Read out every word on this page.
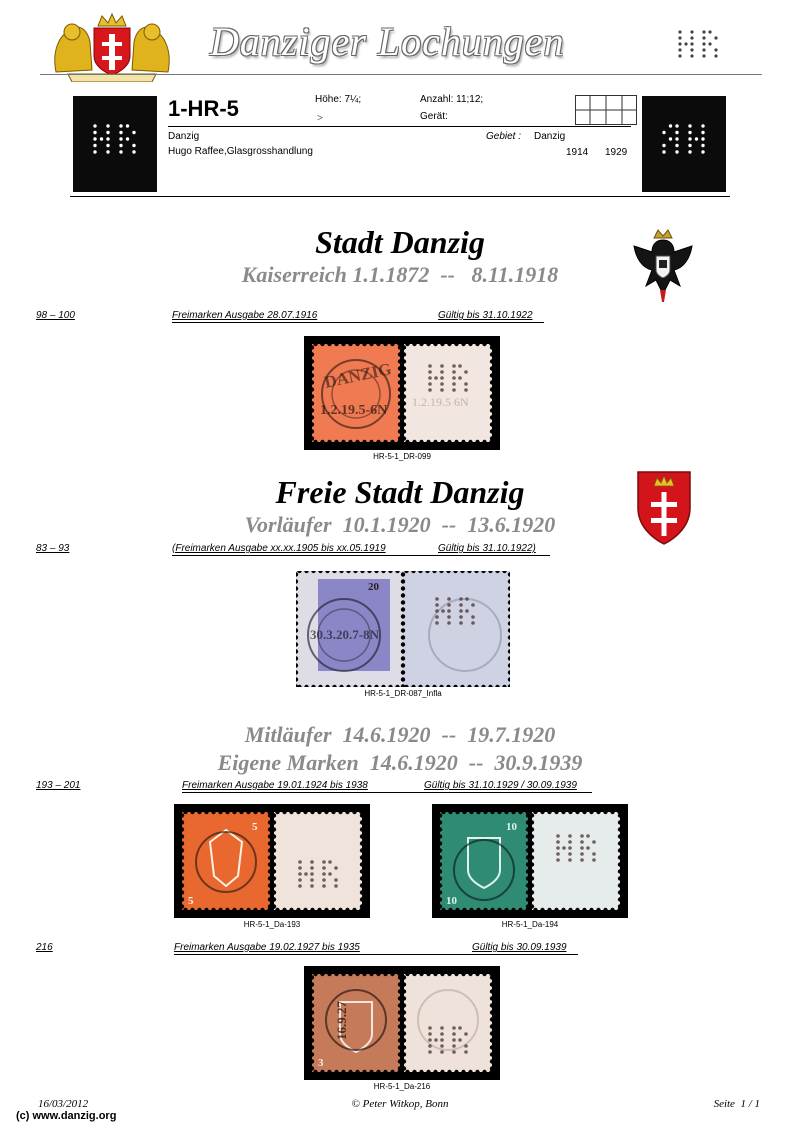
Danziger Lochungen
1-HR-5	Höhe: 7¼;	Anzahl: 11;12;
>	Gerät:
Danzig
Hugo Raffee,Glasgrosshandlung
Gebiet : Danzig
1914 1929
Stadt Danzig
Kaiserreich 1.1.1872  --   8.11.1918
98 – 100	Freimarken Ausgabe 28.07.1916	Gültig bis 31.10.1922
DANZIG
1.2.19.5-6N
1.2.19.5 6N
HR-5-1_DR-099
Freie Stadt Danzig
Vorläufer  10.1.1920  --  13.6.1920
83 – 93	(Freimarken Ausgabe xx.xx.1905 bis xx.05.1919	Gültig bis 31.10.1922)
20
30.3.20.7-8N
HR-5-1_DR-087_Infla
Mitläufer  14.6.1920  --  19.7.1920
Eigene Marken  14.6.1920  --  30.9.1939
193 – 201	Freimarken Ausgabe 19.01.1924 bis 1938	Gültig bis 31.10.1929 / 30.09.1939
5
5
HR-5-1_Da-193
10
10
HR-5-1_Da-194
216	Freimarken Ausgabe 19.02.1927 bis 1935	Gültig bis 30.09.1939
16.9.27
3
HR-5-1_Da-216
16/03/2012	© Peter Witkop, Bonn	Seite  1 / 1
(c) www.danzig.org
